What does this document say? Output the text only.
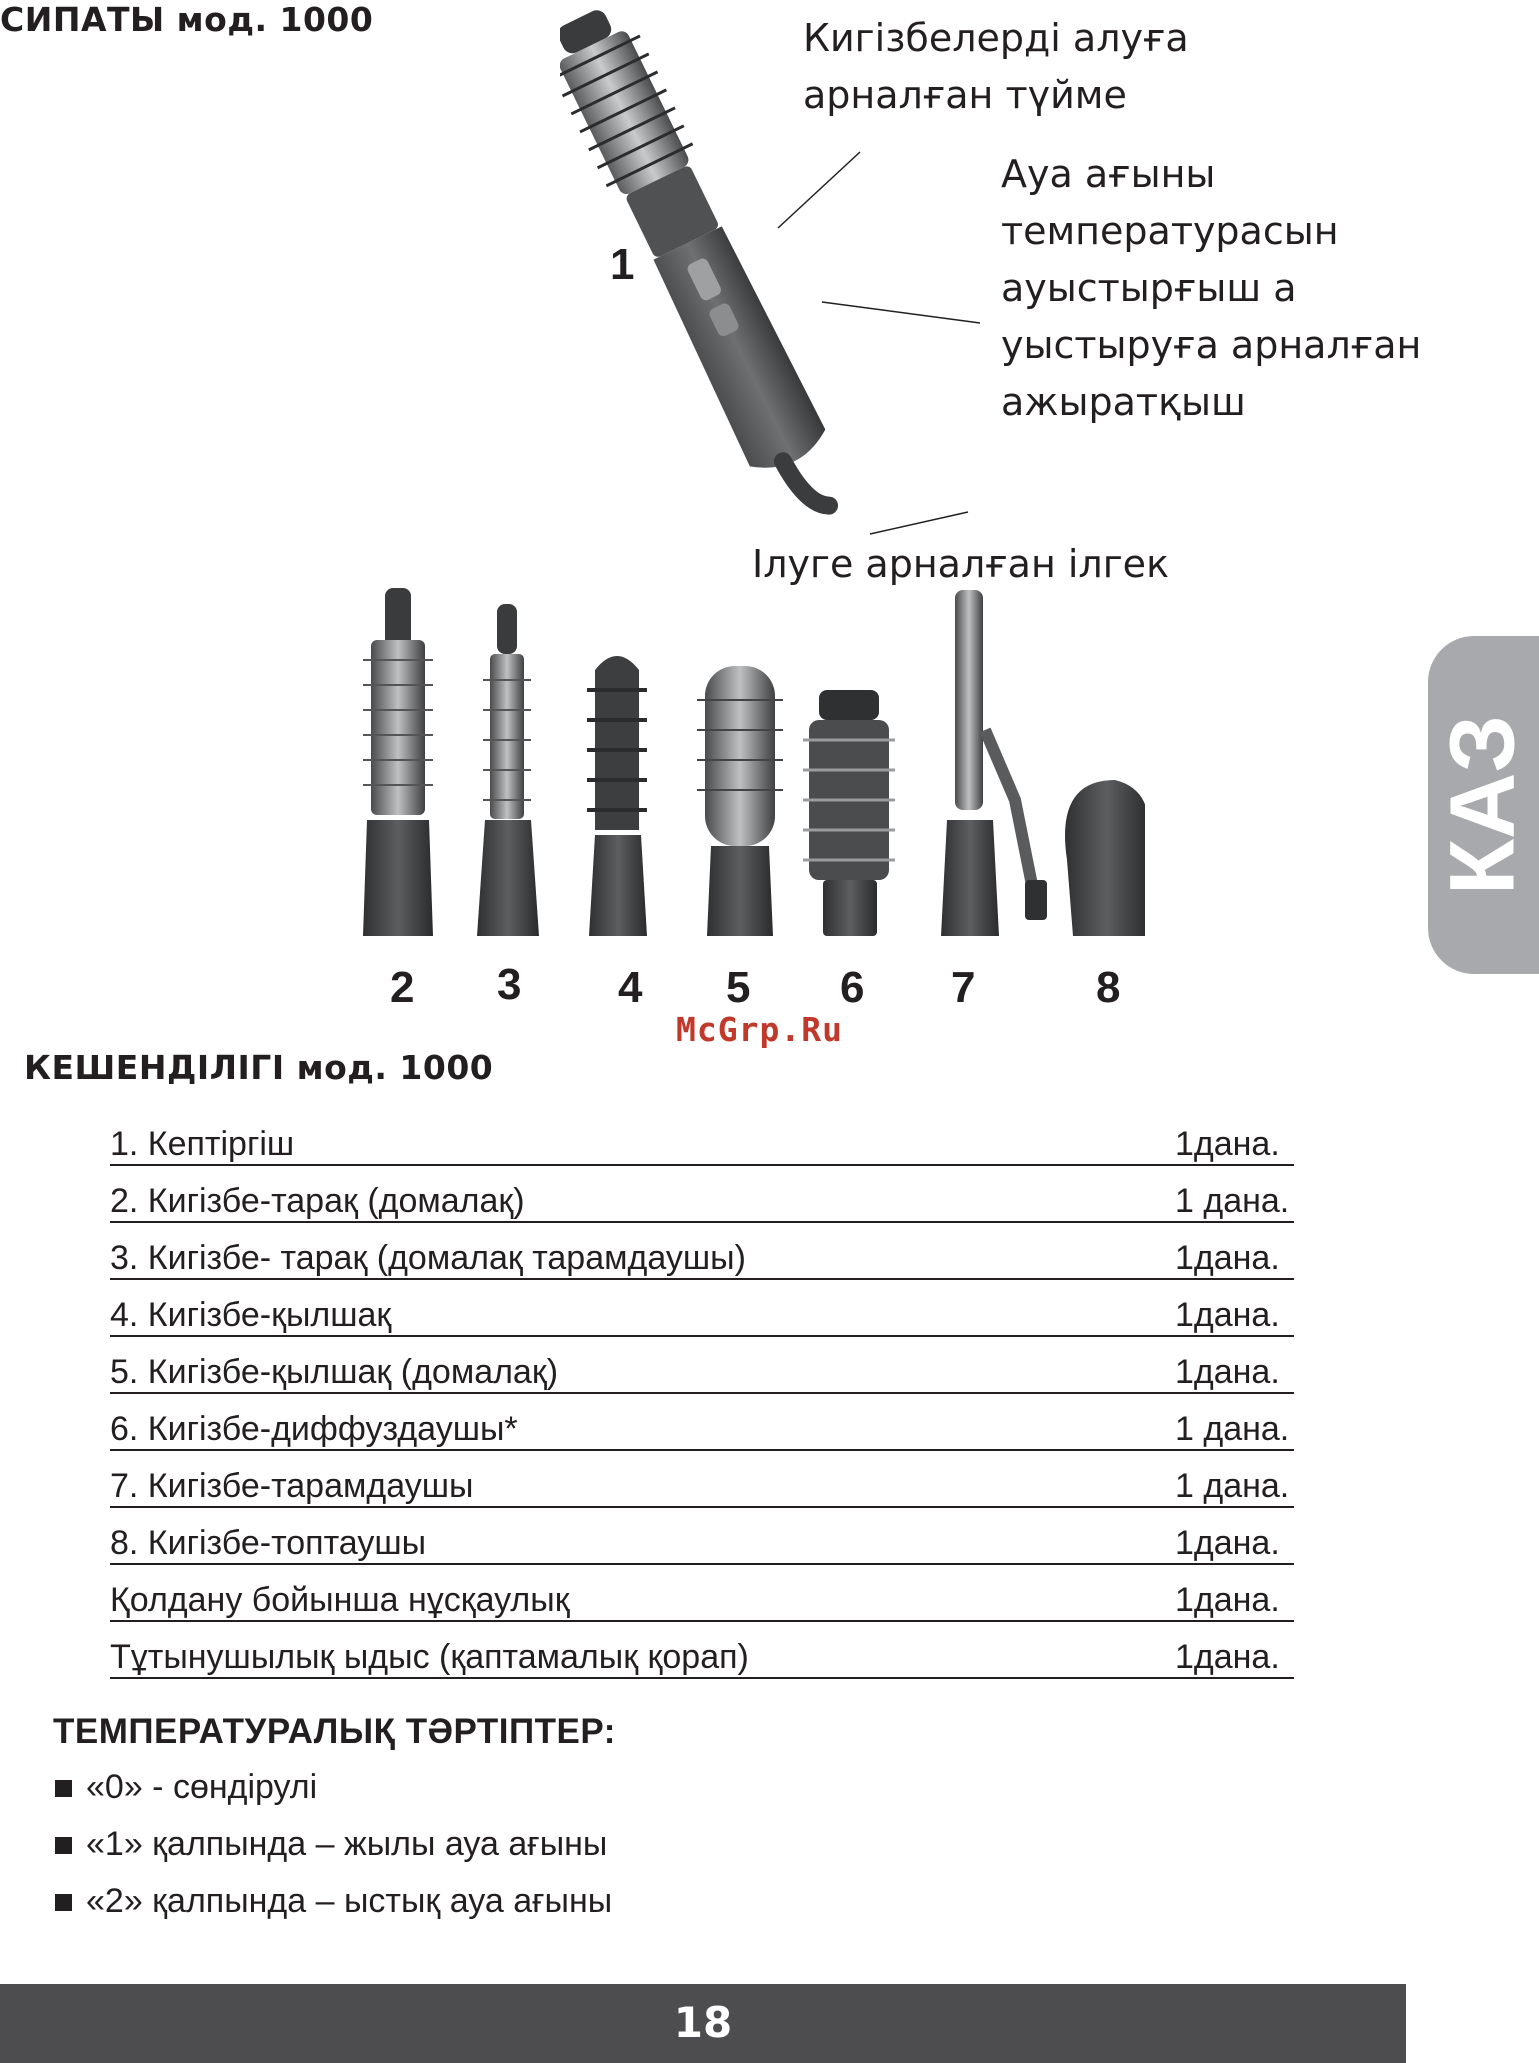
СИПАТЫ мод. 1000
1
Кигізбелерді алуға
арналған түйме
Ауа ағыны
температурасын
ауыстырғыш а
уыстыруға арналған
ажыратқыш
Ілуге арналған ілгек
2 3 4 5 6 7	8
McGrp.Ru
КЕШЕНДІЛІГІ мод. 1000
1. Кептіргіш	1дана.
2. Кигізбе-тарақ (домалақ)	1 дана.
3. Кигізбе- тарақ (домалақ тарамдаушы)	1дана.
4. Кигізбе-қылшақ	1дана.
5. Кигізбе-қылшақ (домалақ)	1дана.
6. Кигізбе-диффуздаушы*	1 дана.
7. Кигізбе-тарамдаушы	1 дана.
8. Кигізбе-топтаушы	1дана.
Қолдану бойынша нұсқаулық	1дана.
Тұтынушылық ыдыс (қаптамалық қорап)	1дана.
ТЕМПЕРАТУРАЛЫҚ ТӘРТІПТЕР:
«0» - сөндірулі
«1» қалпында – жылы ауа ағыны
«2» қалпында – ыстық ауа ағыны
КАЗ
18
